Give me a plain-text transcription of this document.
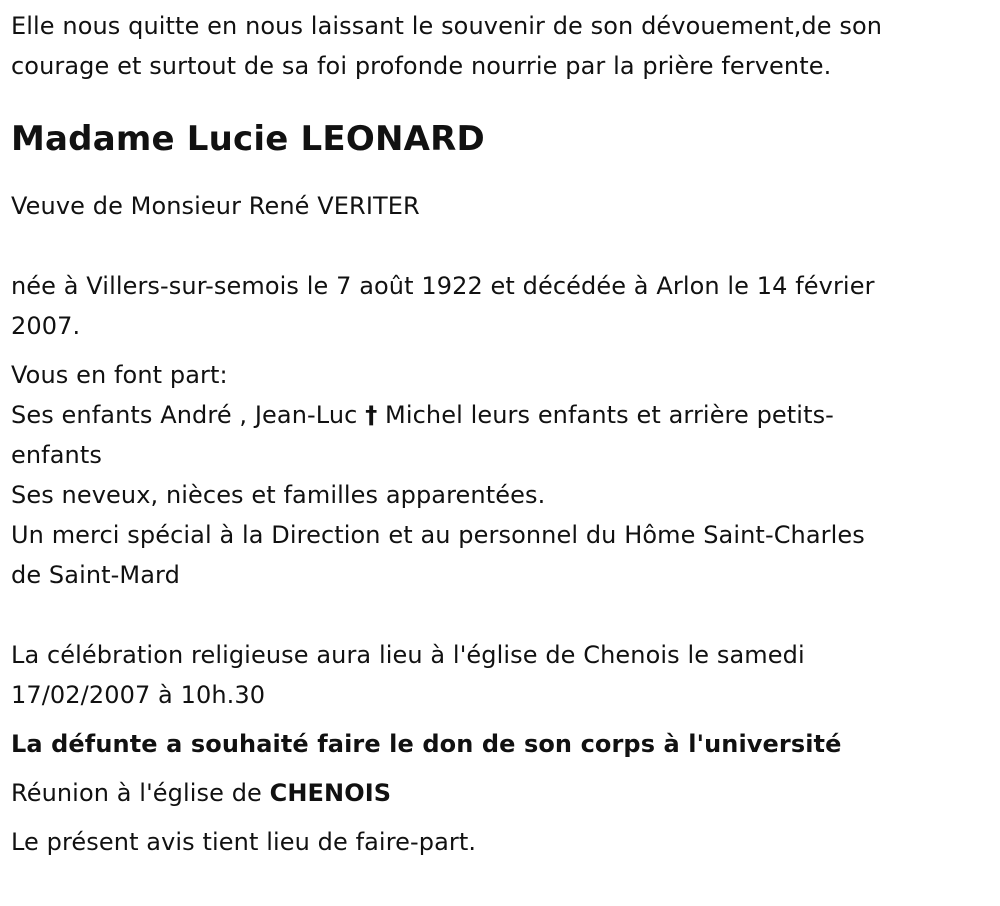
Elle nous quitte en nous laissant le souvenir de son dévouement,de son

courage et surtout de sa foi profonde nourrie par la prière fervente.

Madame Lucie LEONARD

Veuve de Monsieur René VERITER

née à Villers-sur-semois le 7 août 1922 et décédée à Arlon le 14 février

2007.

Vous en font part:

Ses enfants André , Jean-Luc † Michel leurs enfants et arrière petits-

enfants

Ses neveux, nièces et familles apparentées.

Un merci spécial à la Direction et au personnel du Hôme Saint-Charles

de Saint-Mard

La célébration religieuse aura lieu à l'église de Chenois le samedi

17/02/2007 à 10h.30

La défunte a souhaité faire le don de son corps à l'université

Réunion à l'église de CHENOIS

Le présent avis tient lieu de faire-part.
